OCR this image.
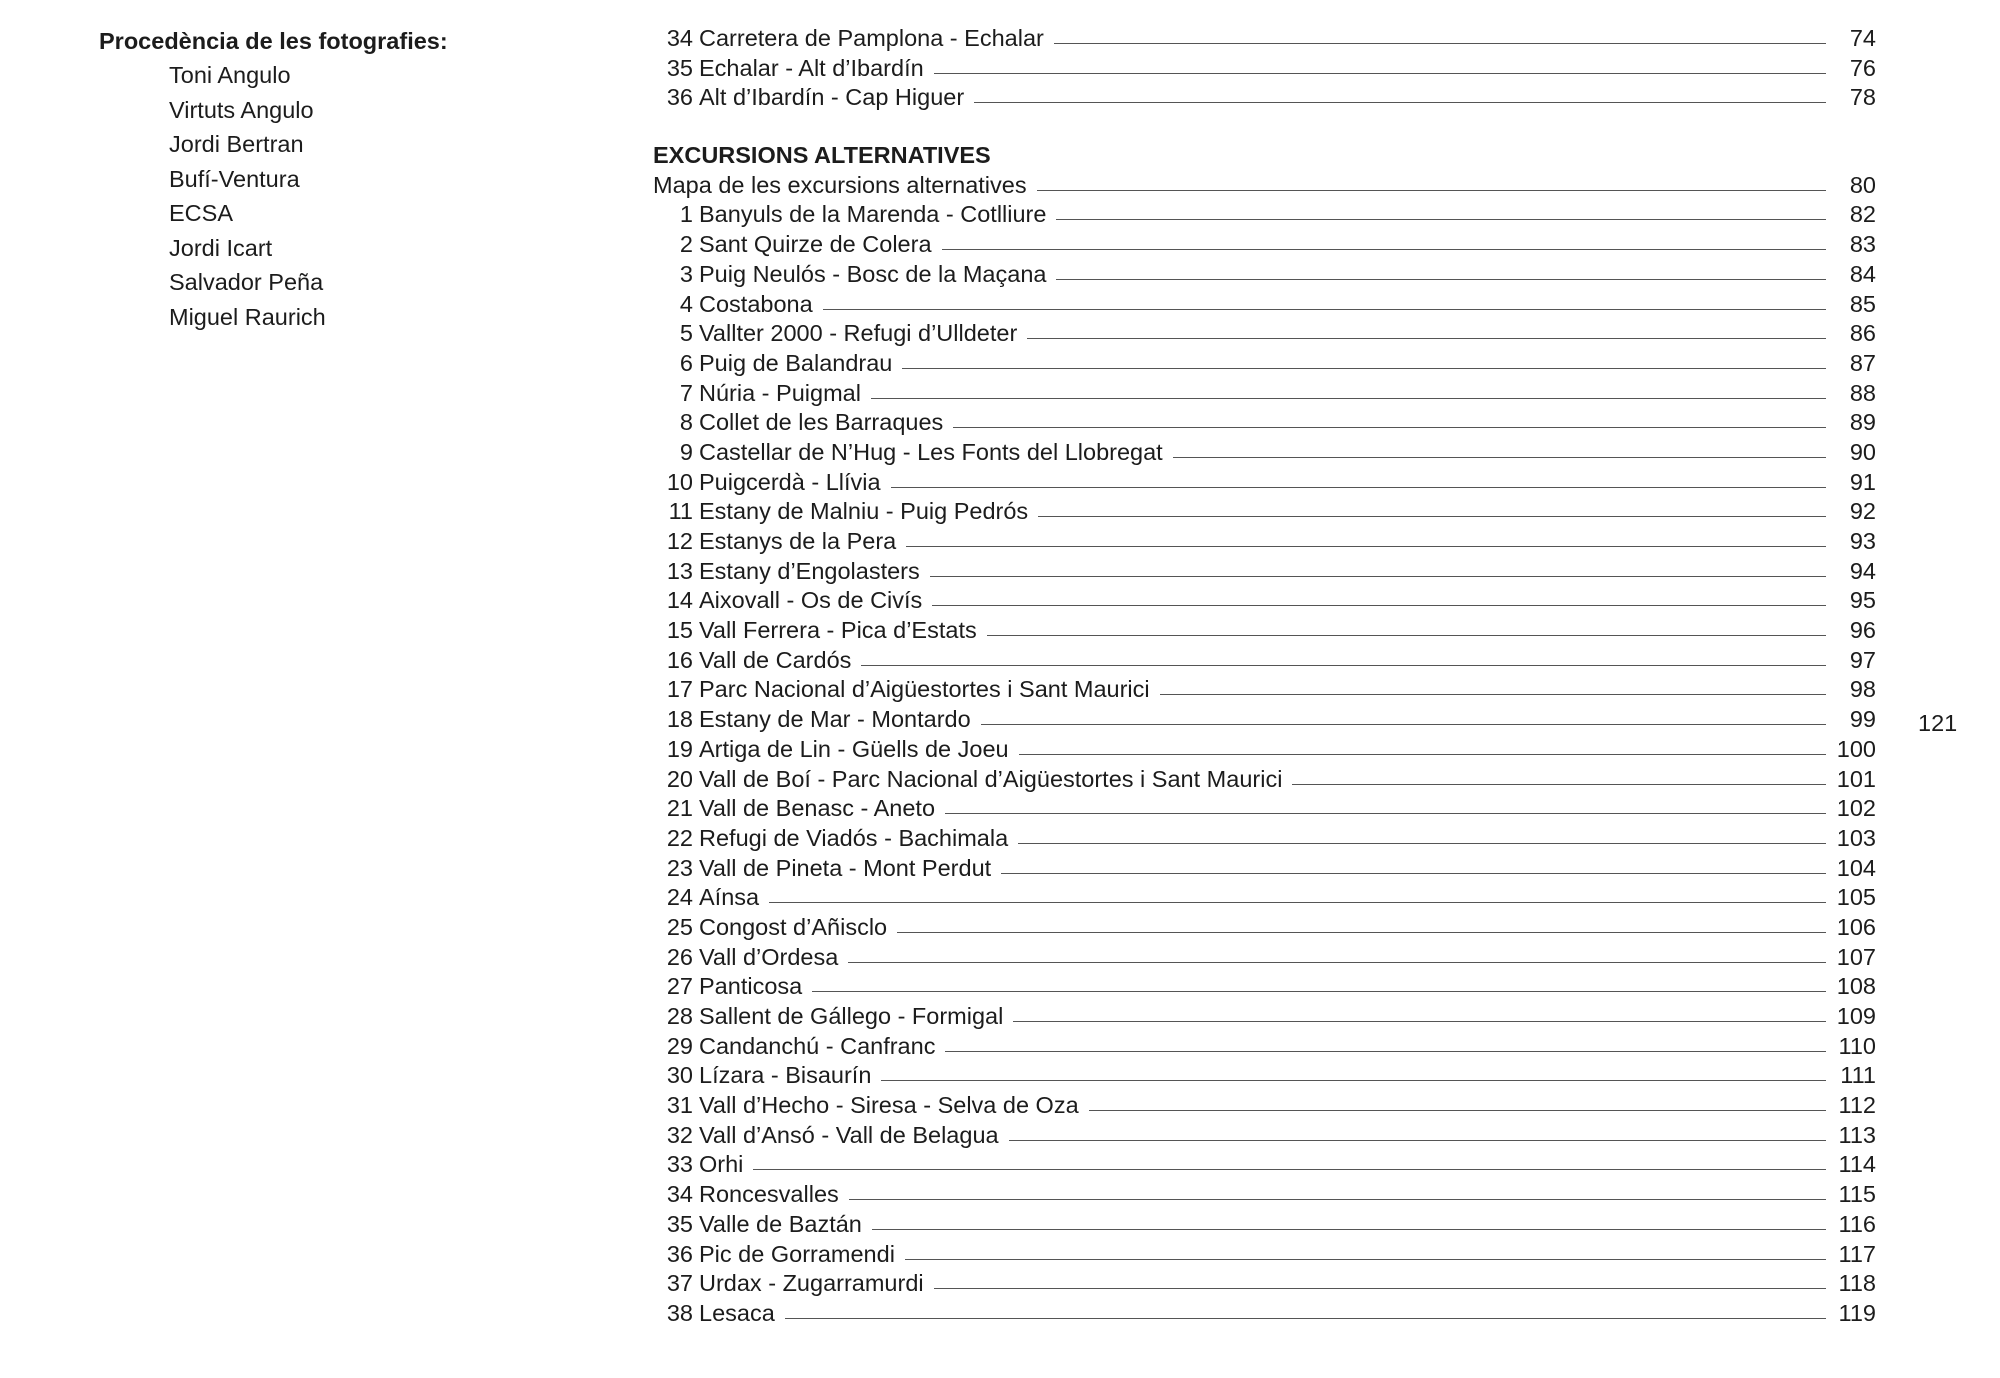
Procedència de les fotografies:
Toni Angulo
Virtuts Angulo
Jordi Bertran
Bufí-Ventura
ECSA
Jordi Icart
Salvador Peña
Miguel Raurich
34 Carretera de Pamplona - Echalar	74
35 Echalar - Alt d’Ibardín	76
36 Alt d’Ibardín - Cap Higuer	78
EXCURSIONS ALTERNATIVES
Mapa de les excursions alternatives	80
1 Banyuls de la Marenda - Cotlliure	82
2 Sant Quirze de Colera	83
3 Puig Neulós - Bosc de la Maçana	84
4 Costabona	85
5 Vallter 2000 - Refugi d’Ulldeter	86
6 Puig de Balandrau	87
7 Núria - Puigmal	88
8 Collet de les Barraques	89
9 Castellar de N’Hug - Les Fonts del Llobregat	90
10 Puigcerdà - Llívia	91
11 Estany de Malniu - Puig Pedrós	92
12 Estanys de la Pera	93
13 Estany d’Engolasters	94
14 Aixovall - Os de Civís	95
15 Vall Ferrera - Pica d’Estats	96
16 Vall de Cardós	97
17 Parc Nacional d’Aigüestortes i Sant Maurici	98
18 Estany de Mar - Montardo	99
19 Artiga de Lin - Güells de Joeu	100
20 Vall de Boí - Parc Nacional d’Aigüestortes i Sant Maurici	101
21 Vall de Benasc - Aneto	102
22 Refugi de Viadós - Bachimala	103
23 Vall de Pineta - Mont Perdut	104
24 Aínsa	105
25 Congost d’Añisclo	106
26 Vall d’Ordesa	107
27 Panticosa	108
28 Sallent de Gállego - Formigal	109
29 Candanchú - Canfranc	110
30 Lízara - Bisaurín	111
31 Vall d’Hecho - Siresa - Selva de Oza	112
32 Vall d’Ansó - Vall de Belagua	113
33 Orhi	114
34 Roncesvalles	115
35 Valle de Baztán	116
36 Pic de Gorramendi	117
37 Urdax - Zugarramurdi	118
38 Lesaca	119
121
